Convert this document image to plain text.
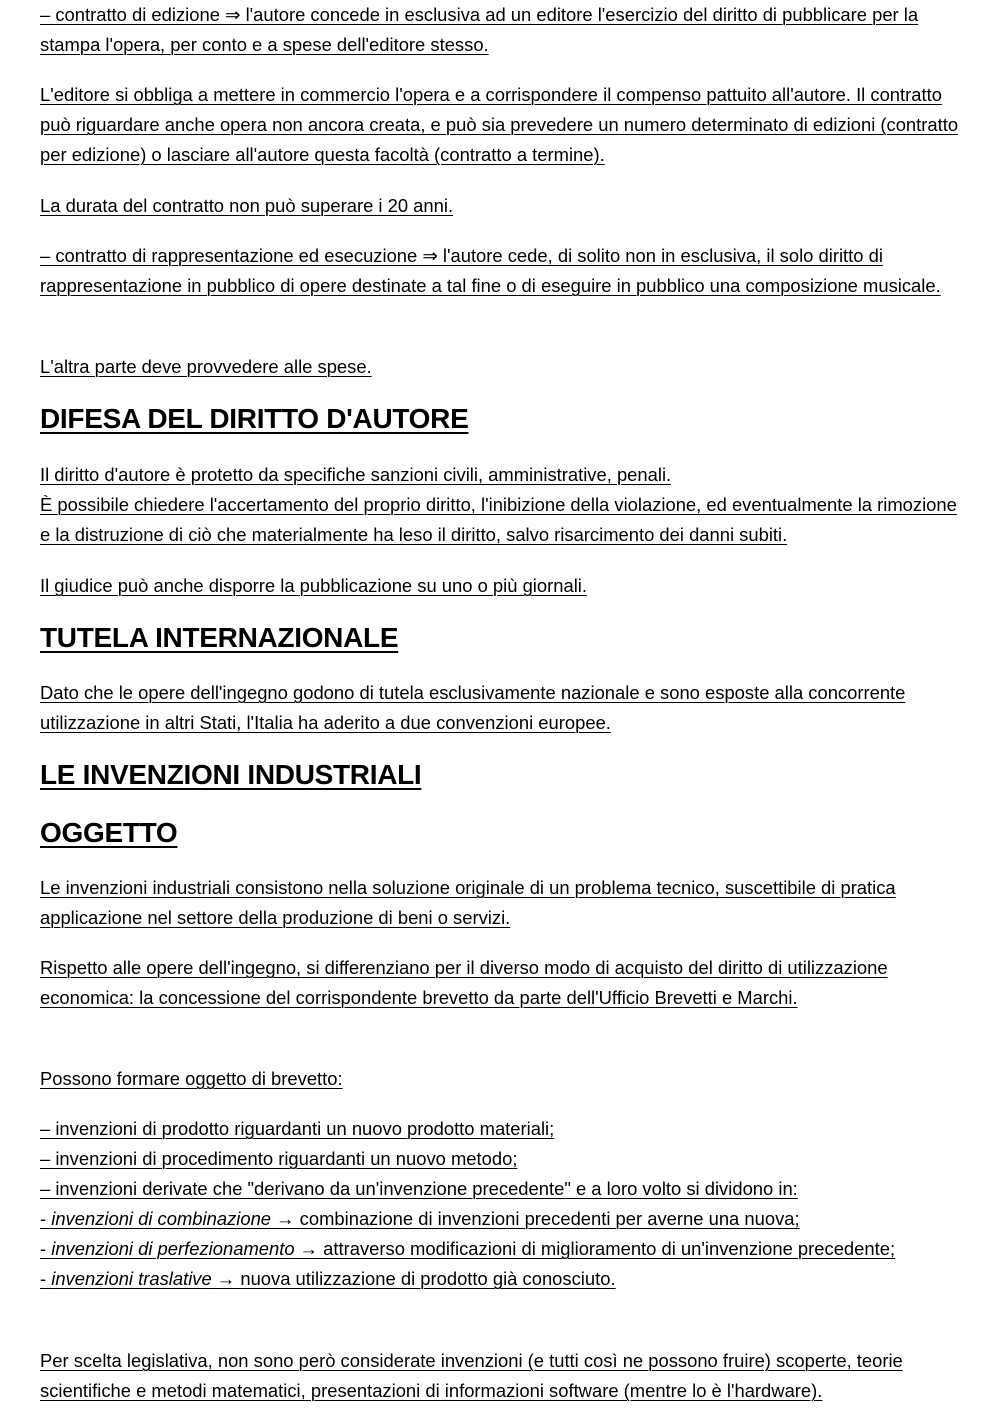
– contratto di edizione ⇒ l'autore concede in esclusiva ad un editore l'esercizio del diritto di pubblicare per la stampa l'opera, per conto e a spese dell'editore stesso.

L'editore si obbliga a mettere in commercio l'opera e a corrispondere il compenso pattuito all'autore. Il contratto può riguardare anche opera non ancora creata, e può sia prevedere un numero determinato di edizioni (contratto per edizione) o lasciare all'autore questa facoltà (contratto a termine).

La durata del contratto non può superare i 20 anni.

– contratto di rappresentazione ed esecuzione ⇒ l'autore cede, di solito non in esclusiva, il solo diritto di rappresentazione in pubblico di opere destinate a tal fine o di eseguire in pubblico una composizione musicale.

L'altra parte deve provvedere alle spese.

DIFESA DEL DIRITTO D'AUTORE

Il diritto d'autore è protetto da specifiche sanzioni civili, amministrative, penali.

È possibile chiedere l'accertamento del proprio diritto, l'inibizione della violazione, ed eventualmente la rimozione e la distruzione di ciò che materialmente ha leso il diritto, salvo risarcimento dei danni subiti.

Il giudice può anche disporre la pubblicazione su uno o più giornali.

TUTELA INTERNAZIONALE

Dato che le opere dell'ingegno godono di tutela esclusivamente nazionale e sono esposte alla concorrente utilizzazione in altri Stati, l'Italia ha aderito a due convenzioni europee.

LE INVENZIONI INDUSTRIALI
OGGETTO

Le invenzioni industriali consistono nella soluzione originale di un problema tecnico, suscettibile di pratica applicazione nel settore della produzione di beni o servizi.

Rispetto alle opere dell'ingegno, si differenziano per il diverso modo di acquisto del diritto di utilizzazione economica: la concessione del corrispondente brevetto da parte dell'Ufficio Brevetti e Marchi.

Possono formare oggetto di brevetto:

– invenzioni di prodotto riguardanti un nuovo prodotto materiali;

– invenzioni di procedimento riguardanti un nuovo metodo;

– invenzioni derivate che "derivano da un'invenzione precedente" e a loro volto si dividono in:

- invenzioni di combinazione → combinazione di invenzioni precedenti per averne una nuova;

- invenzioni di perfezionamento → attraverso modificazioni di miglioramento di un'invenzione precedente;

- invenzioni traslative → nuova utilizzazione di prodotto già conosciuto.

Per scelta legislativa, non sono però considerate invenzioni (e tutti così ne possono fruire) scoperte, teorie scientifiche e metodi matematici, presentazioni di informazioni software (mentre lo è l'hardware).
